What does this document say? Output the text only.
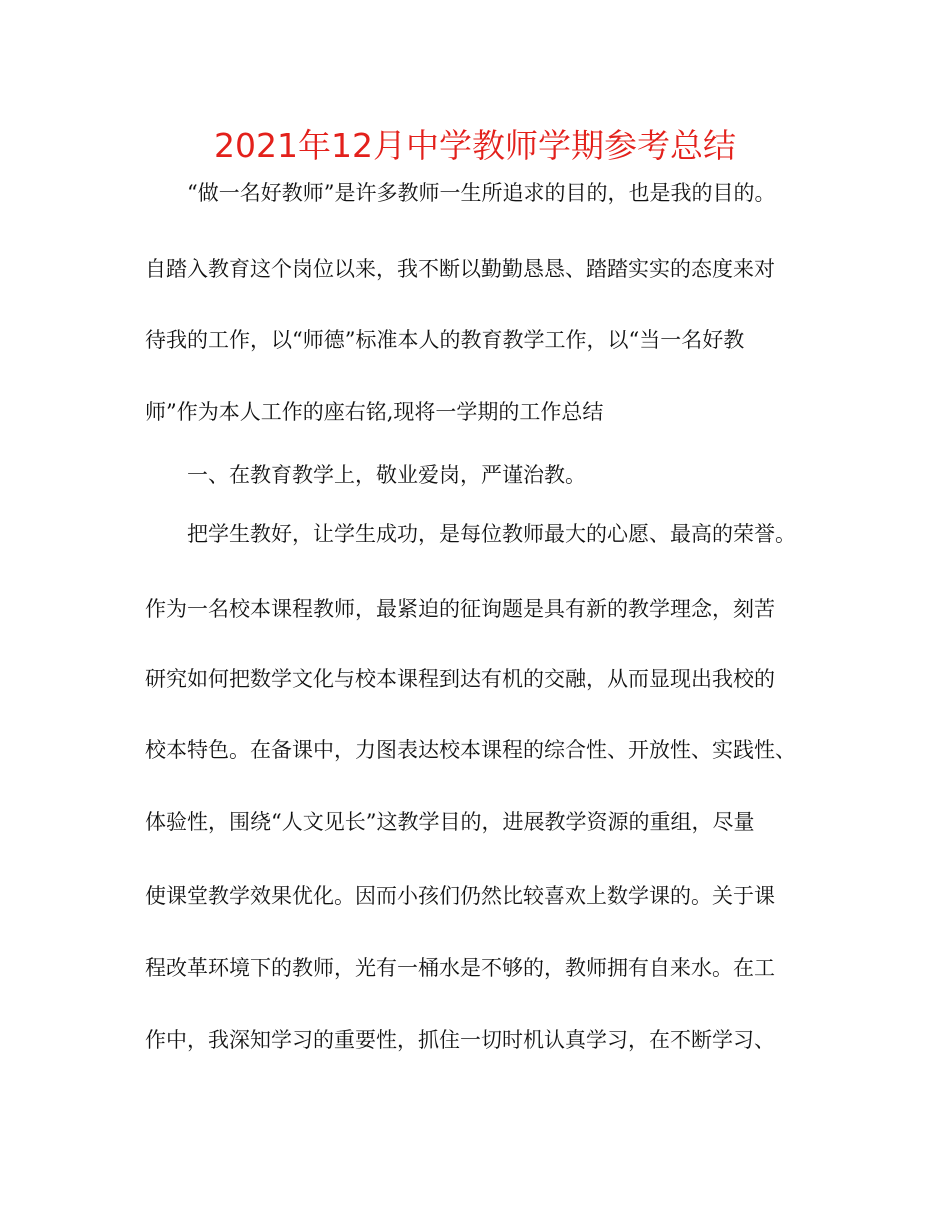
2021年12月中学教师学期参考总结
“做一名好教师”是许多教师一生所追求的目的，也是我的目的。
自踏入教育这个岗位以来，我不断以勤勤恳恳、踏踏实实的态度来对
待我的工作，以“师德”标准本人的教育教学工作，以“当一名好教
师”作为本人工作的座右铭,现将一学期的工作总结
一、在教育教学上，敬业爱岗，严谨治教。
把学生教好，让学生成功，是每位教师最大的心愿、最高的荣誉。
作为一名校本课程教师，最紧迫的征询题是具有新的教学理念，刻苦
研究如何把数学文化与校本课程到达有机的交融，从而显现出我校的
校本特色。在备课中，力图表达校本课程的综合性、开放性、实践性、
体验性，围绕“人文见长”这教学目的，进展教学资源的重组，尽量
使课堂教学效果优化。因而小孩们仍然比较喜欢上数学课的。关于课
程改革环境下的教师，光有一桶水是不够的，教师拥有自来水。在工
作中，我深知学习的重要性，抓住一切时机认真学习，在不断学习、
